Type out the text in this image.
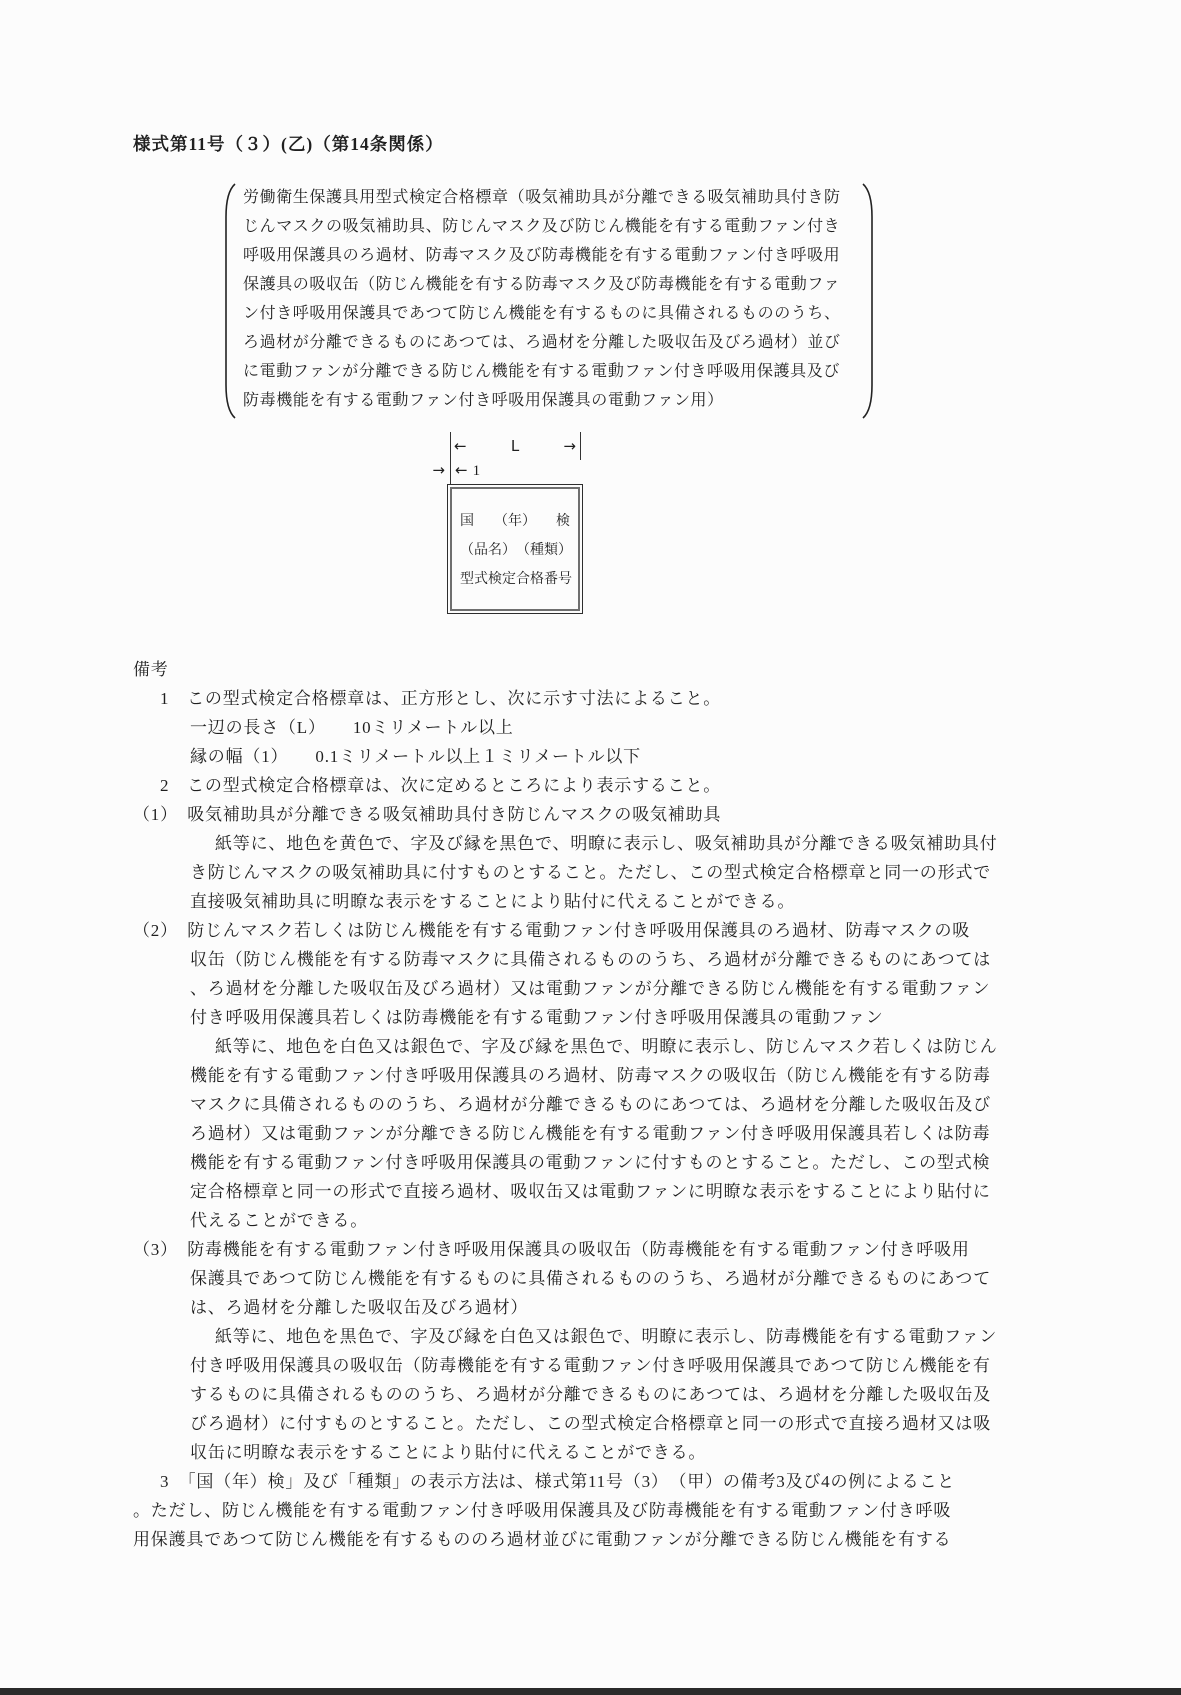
様式第11号（３）(乙)（第14条関係）
労働衛生保護具用型式検定合格標章（吸気補助具が分離できる吸気補助具付き防
じんマスクの吸気補助具、防じんマスク及び防じん機能を有する電動ファン付き
呼吸用保護具のろ過材、防毒マスク及び防毒機能を有する電動ファン付き呼吸用
保護具の吸収缶（防じん機能を有する防毒マスク及び防毒機能を有する電動ファ
ン付き呼吸用保護具であつて防じん機能を有するものに具備されるもののうち、
ろ過材が分離できるものにあつては、ろ過材を分離した吸収缶及びろ過材）並び
に電動ファンが分離できる防じん機能を有する電動ファン付き呼吸用保護具及び
防毒機能を有する電動ファン付き呼吸用保護具の電動ファン用）
←	L	→
→ ← 1
国 （年） 検
（品名） （種類）
型式検定合格番号
備考
1　この型式検定合格標章は、正方形とし、次に示す寸法によること。
一辺の長さ（L）　　10ミリメートル以上
縁の幅（1）　　0.1ミリメートル以上１ミリメートル以下
2　この型式検定合格標章は、次に定めるところにより表示すること。
（1）　吸気補助具が分離できる吸気補助具付き防じんマスクの吸気補助具
紙等に、地色を黄色で、字及び縁を黒色で、明瞭に表示し、吸気補助具が分離できる吸気補助具付
き防じんマスクの吸気補助具に付すものとすること。ただし、この型式検定合格標章と同一の形式で
直接吸気補助具に明瞭な表示をすることにより貼付に代えることができる。
（2）　防じんマスク若しくは防じん機能を有する電動ファン付き呼吸用保護具のろ過材、防毒マスクの吸
収缶（防じん機能を有する防毒マスクに具備されるもののうち、ろ過材が分離できるものにあつては
、ろ過材を分離した吸収缶及びろ過材）又は電動ファンが分離できる防じん機能を有する電動ファン
付き呼吸用保護具若しくは防毒機能を有する電動ファン付き呼吸用保護具の電動ファン
紙等に、地色を白色又は銀色で、字及び縁を黒色で、明瞭に表示し、防じんマスク若しくは防じん
機能を有する電動ファン付き呼吸用保護具のろ過材、防毒マスクの吸収缶（防じん機能を有する防毒
マスクに具備されるもののうち、ろ過材が分離できるものにあつては、ろ過材を分離した吸収缶及び
ろ過材）又は電動ファンが分離できる防じん機能を有する電動ファン付き呼吸用保護具若しくは防毒
機能を有する電動ファン付き呼吸用保護具の電動ファンに付すものとすること。ただし、この型式検
定合格標章と同一の形式で直接ろ過材、吸収缶又は電動ファンに明瞭な表示をすることにより貼付に
代えることができる。
（3）　防毒機能を有する電動ファン付き呼吸用保護具の吸収缶（防毒機能を有する電動ファン付き呼吸用
保護具であつて防じん機能を有するものに具備されるもののうち、ろ過材が分離できるものにあつて
は、ろ過材を分離した吸収缶及びろ過材）
紙等に、地色を黒色で、字及び縁を白色又は銀色で、明瞭に表示し、防毒機能を有する電動ファン
付き呼吸用保護具の吸収缶（防毒機能を有する電動ファン付き呼吸用保護具であつて防じん機能を有
するものに具備されるもののうち、ろ過材が分離できるものにあつては、ろ過材を分離した吸収缶及
びろ過材）に付すものとすること。ただし、この型式検定合格標章と同一の形式で直接ろ過材又は吸
収缶に明瞭な表示をすることにより貼付に代えることができる。
3　「国（年）検」及び「種類」の表示方法は、様式第11号（3）　（甲）の備考3及び4の例によること
。ただし、防じん機能を有する電動ファン付き呼吸用保護具及び防毒機能を有する電動ファン付き呼吸
用保護具であつて防じん機能を有するもののろ過材並びに電動ファンが分離できる防じん機能を有する
